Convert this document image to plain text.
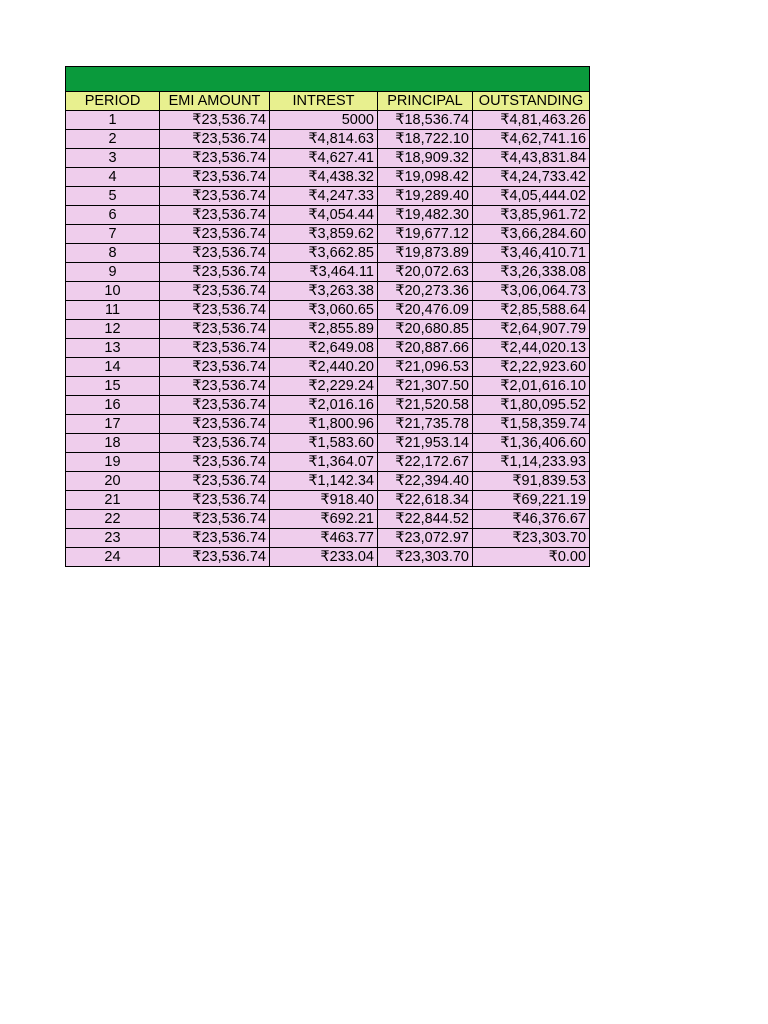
PERIOD	EMI AMOUNT	INTREST	PRINCIPAL	OUTSTANDING
1	₹23,536.74	5000	₹18,536.74	₹4,81,463.26
2	₹23,536.74	₹4,814.63	₹18,722.10	₹4,62,741.16
3	₹23,536.74	₹4,627.41	₹18,909.32	₹4,43,831.84
4	₹23,536.74	₹4,438.32	₹19,098.42	₹4,24,733.42
5	₹23,536.74	₹4,247.33	₹19,289.40	₹4,05,444.02
6	₹23,536.74	₹4,054.44	₹19,482.30	₹3,85,961.72
7	₹23,536.74	₹3,859.62	₹19,677.12	₹3,66,284.60
8	₹23,536.74	₹3,662.85	₹19,873.89	₹3,46,410.71
9	₹23,536.74	₹3,464.11	₹20,072.63	₹3,26,338.08
10	₹23,536.74	₹3,263.38	₹20,273.36	₹3,06,064.73
11	₹23,536.74	₹3,060.65	₹20,476.09	₹2,85,588.64
12	₹23,536.74	₹2,855.89	₹20,680.85	₹2,64,907.79
13	₹23,536.74	₹2,649.08	₹20,887.66	₹2,44,020.13
14	₹23,536.74	₹2,440.20	₹21,096.53	₹2,22,923.60
15	₹23,536.74	₹2,229.24	₹21,307.50	₹2,01,616.10
16	₹23,536.74	₹2,016.16	₹21,520.58	₹1,80,095.52
17	₹23,536.74	₹1,800.96	₹21,735.78	₹1,58,359.74
18	₹23,536.74	₹1,583.60	₹21,953.14	₹1,36,406.60
19	₹23,536.74	₹1,364.07	₹22,172.67	₹1,14,233.93
20	₹23,536.74	₹1,142.34	₹22,394.40	₹91,839.53
21	₹23,536.74	₹918.40	₹22,618.34	₹69,221.19
22	₹23,536.74	₹692.21	₹22,844.52	₹46,376.67
23	₹23,536.74	₹463.77	₹23,072.97	₹23,303.70
24	₹23,536.74	₹233.04	₹23,303.70	₹0.00
